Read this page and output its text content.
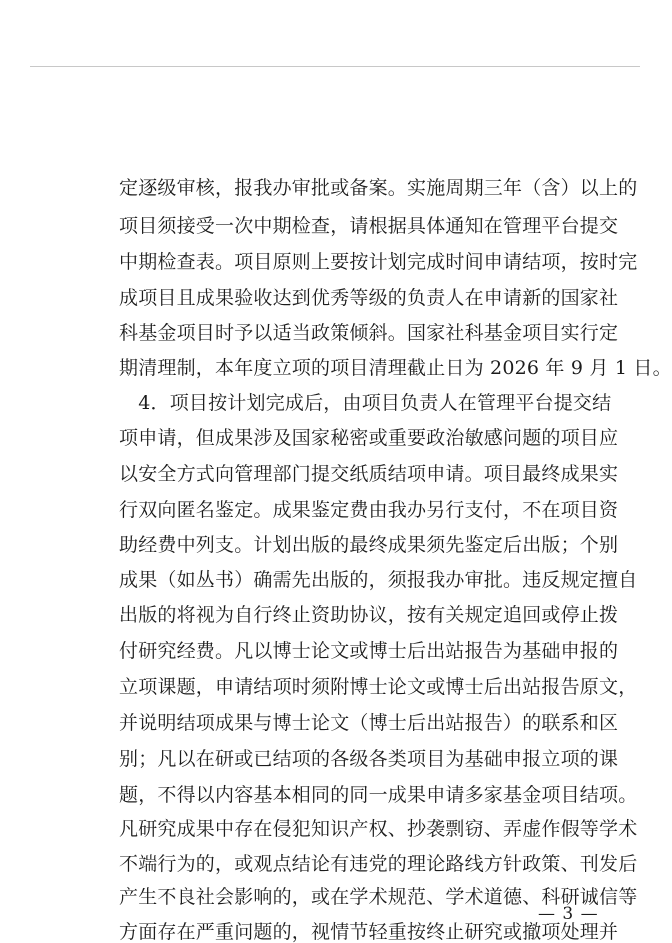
定逐级审核，报我办审批或备案。实施周期三年（含）以上的
项目须接受一次中期检查，请根据具体通知在管理平台提交
中期检查表。项目原则上要按计划完成时间申请结项，按时完
成项目且成果验收达到优秀等级的负责人在申请新的国家社
科基金项目时予以适当政策倾斜。国家社科基金项目实行定
期清理制，本年度立项的项目清理截止日为 2026 年 9 月 1 日。
　4．项目按计划完成后，由项目负责人在管理平台提交结
项申请，但成果涉及国家秘密或重要政治敏感问题的项目应
以安全方式向管理部门提交纸质结项申请。项目最终成果实
行双向匿名鉴定。成果鉴定费由我办另行支付，不在项目资
助经费中列支。计划出版的最终成果须先鉴定后出版；个别
成果（如丛书）确需先出版的，须报我办审批。违反规定擅自
出版的将视为自行终止资助协议，按有关规定追回或停止拨
付研究经费。凡以博士论文或博士后出站报告为基础申报的
立项课题，申请结项时须附博士论文或博士后出站报告原文，
并说明结项成果与博士论文（博士后出站报告）的联系和区
别；凡以在研或已结项的各级各类项目为基础申报立项的课
题，不得以内容基本相同的同一成果申请多家基金项目结项。
凡研究成果中存在侵犯知识产权、抄袭剽窃、弄虚作假等学术
不端行为的，或观点结论有违党的理论路线方针政策、刊发后
产生不良社会影响的，或在学术规范、学术道德、科研诚信等
方面存在严重问题的，视情节轻重按终止研究或撤项处理并
— 3 —
